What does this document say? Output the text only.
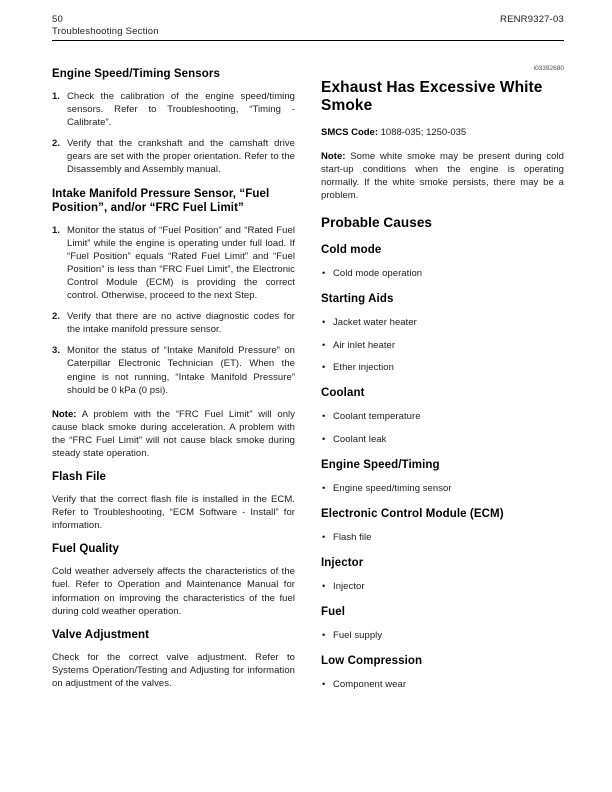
50	RENR9327-03
Troubleshooting Section
Engine Speed/Timing Sensors
1. Check the calibration of the engine speed/timing sensors. Refer to Troubleshooting, “Timing - Calibrate”.
2. Verify that the crankshaft and the camshaft drive gears are set with the proper orientation. Refer to the Disassembly and Assembly manual.
Intake Manifold Pressure Sensor, “Fuel Position”, and/or “FRC Fuel Limit”
1. Monitor the status of “Fuel Position” and “Rated Fuel Limit” while the engine is operating under full load. If “Fuel Position” equals “Rated Fuel Limit” and “Fuel Position” is less than “FRC Fuel Limit”, the Electronic Control Module (ECM) is providing the correct control. Otherwise, proceed to the next Step.
2. Verify that there are no active diagnostic codes for the intake manifold pressure sensor.
3. Monitor the status of “Intake Manifold Pressure” on Caterpillar Electronic Technician (ET). When the engine is not running, “Intake Manifold Pressure” should be 0 kPa (0 psi).

Note: A problem with the “FRC Fuel Limit” will only cause black smoke during acceleration. A problem with the “FRC Fuel Limit” will not cause black smoke during steady state operation.

Flash File

Verify that the correct flash file is installed in the ECM. Refer to Troubleshooting, “ECM Software - Install” for information.

Fuel Quality

Cold weather adversely affects the characteristics of the fuel. Refer to Operation and Maintenance Manual for information on improving the characteristics of the fuel during cold weather operation.

Valve Adjustment

Check for the correct valve adjustment. Refer to Systems Operation/Testing and Adjusting for information on adjustment of the valves.

i03392680
Exhaust Has Excessive White Smoke

SMCS Code: 1088-035; 1250-035

Note: Some white smoke may be present during cold start-up conditions when the engine is operating normally. If the white smoke persists, there may be a problem.

Probable Causes
Cold mode
• Cold mode operation
Starting Aids
• Jacket water heater
• Air inlet heater
• Ether injection
Coolant
• Coolant temperature
• Coolant leak
Engine Speed/Timing
• Engine speed/timing sensor
Electronic Control Module (ECM)
• Flash file
Injector
• Injector
Fuel
• Fuel supply
Low Compression
• Component wear
